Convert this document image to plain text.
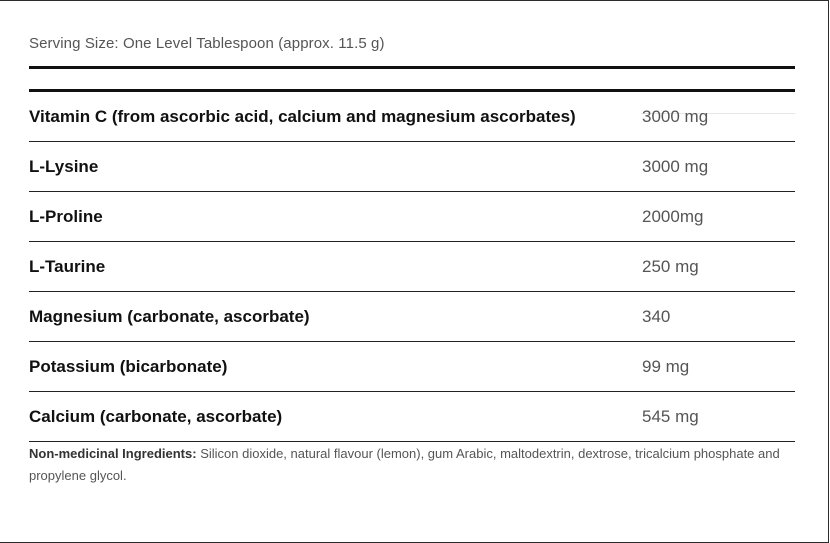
Serving Size: One Level Tablespoon (approx. 11.5 g)
Vitamin C (from ascorbic acid, calcium and magnesium ascorbates)	3000 mg
L-Lysine	3000 mg
L-Proline	2000mg
L-Taurine	250 mg
Magnesium (carbonate, ascorbate)	340
Potassium (bicarbonate)	99 mg
Calcium (carbonate, ascorbate)	545 mg
Non-medicinal Ingredients: Silicon dioxide, natural flavour (lemon), gum Arabic, maltodextrin, dextrose, tricalcium phosphate and propylene glycol.
